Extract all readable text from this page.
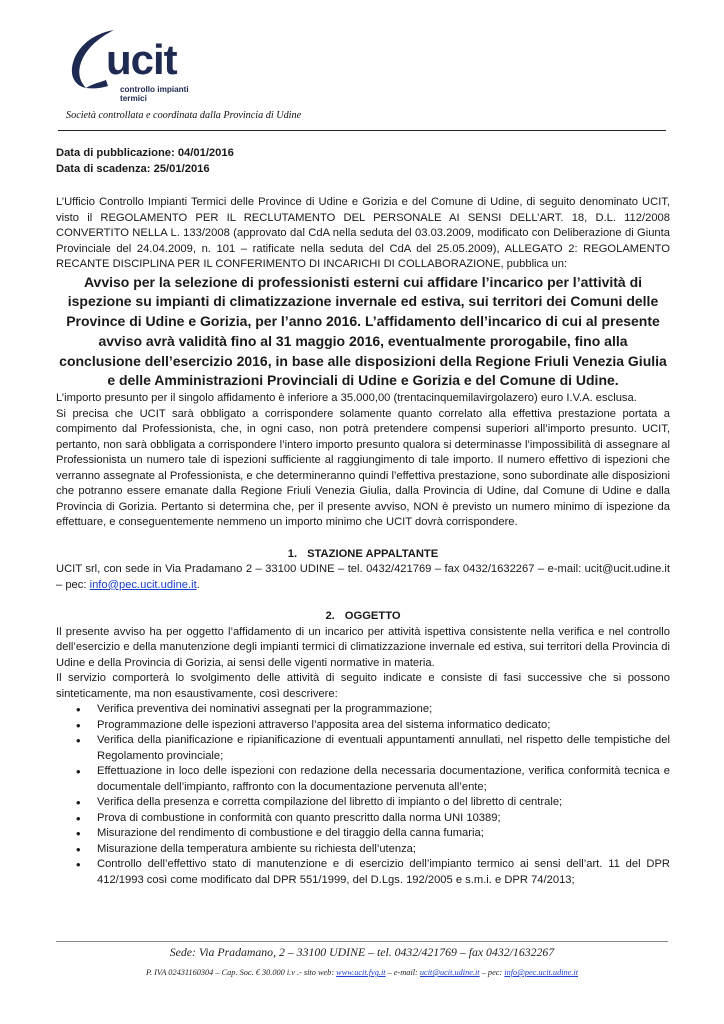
ucit
controllo impianti termici
Società controllata e coordinata dalla Provincia di Udine

Data di pubblicazione: 04/01/2016

Data di scadenza: 25/01/2016

L’Ufficio Controllo Impianti Termici delle Province di Udine e Gorizia e del Comune di Udine, di seguito denominato UCIT, visto il REGOLAMENTO PER IL RECLUTAMENTO DEL PERSONALE AI SENSI DELL’ART. 18, D.L. 112/2008 CONVERTITO NELLA L. 133/2008 (approvato dal CdA nella seduta del 03.03.2009, modificato con Deliberazione di Giunta Provinciale del 24.04.2009, n. 101 – ratificate nella seduta del CdA del 25.05.2009), ALLEGATO 2: REGOLAMENTO RECANTE DISCIPLINA PER IL CONFERIMENTO DI INCARICHI DI COLLABORAZIONE, pubblica un:

Avviso per la selezione di professionisti esterni cui affidare l’incarico per l’attività di ispezione su impianti di climatizzazione invernale ed estiva, sui territori dei Comuni delle Province di Udine e Gorizia, per l’anno 2016. L’affidamento dell’incarico di cui al presente avviso avrà validità fino al 31 maggio 2016, eventualmente prorogabile, fino alla conclusione dell’esercizio 2016, in base alle disposizioni della Regione Friuli Venezia Giulia e delle Amministrazioni Provinciali di Udine e Gorizia e del Comune di Udine.

L’importo presunto per il singolo affidamento è inferiore a 35.000,00 (trentacinquemilavirgolazero) euro I.V.A. esclusa.

Si precisa che UCIT sarà obbligato a corrispondere solamente quanto correlato alla effettiva prestazione portata a compimento dal Professionista, che, in ogni caso, non potrà pretendere compensi superiori all’importo presunto. UCIT, pertanto, non sarà obbligata a corrispondere l’intero importo presunto qualora si determinasse l’impossibilità di assegnare al Professionista un numero tale di ispezioni sufficiente al raggiungimento di tale importo. Il numero effettivo di ispezioni che verranno assegnate al Professionista, e che determineranno quindi l’effettiva prestazione, sono subordinate alle disposizioni che potranno essere emanate dalla Regione Friuli Venezia Giulia, dalla Provincia di Udine, dal Comune di Udine e dalla Provincia di Gorizia. Pertanto si determina che, per il presente avviso, NON è previsto un numero minimo di ispezione da effettuare, e conseguentemente nemmeno un importo minimo che UCIT dovrà corrispondere.

1. STAZIONE APPALTANTE

UCIT srl, con sede in Via Pradamano 2 – 33100 UDINE – tel. 0432/421769 – fax 0432/1632267 – e-mail: ucit@ucit.udine.it – pec: info@pec.ucit.udine.it.

2. OGGETTO

Il presente avviso ha per oggetto l’affidamento di un incarico per attività ispettiva consistente nella verifica e nel controllo dell’esercizio e della manutenzione degli impianti termici di climatizzazione invernale ed estiva, sui territori della Provincia di Udine e della Provincia di Gorizia, ai sensi delle vigenti normative in materia.

Il servizio comporterà lo svolgimento delle attività di seguito indicate e consiste di fasi successive che si possono sinteticamente, ma non esaustivamente, così descrivere:

• Verifica preventiva dei nominativi assegnati per la programmazione;
• Programmazione delle ispezioni attraverso l’apposita area del sistema informatico dedicato;
• Verifica della pianificazione e ripianificazione di eventuali appuntamenti annullati, nel rispetto delle tempistiche del Regolamento provinciale;
• Effettuazione in loco delle ispezioni con redazione della necessaria documentazione, verifica conformità tecnica e documentale dell’impianto, raffronto con la documentazione pervenuta all’ente;
• Verifica della presenza e corretta compilazione del libretto di impianto o del libretto di centrale;
• Prova di combustione in conformità con quanto prescritto dalla norma UNI 10389;
• Misurazione del rendimento di combustione e del tiraggio della canna fumaria;
• Misurazione della temperatura ambiente su richiesta dell’utenza;
• Controllo dell’effettivo stato di manutenzione e di esercizio dell’impianto termico ai sensi dell’art. 11 del DPR 412/1993 così come modificato dal DPR 551/1999, del D.Lgs. 192/2005 e s.m.i. e DPR 74/2013;
Sede: Via Pradamano, 2 – 33100 UDINE – tel. 0432/421769 – fax 0432/1632267
P. IVA 02431160304 – Cap. Soc. € 30.000 i.v .- sito web: www.ucit.fvg.it – e-mail: ucit@ucit.udine.it – pec: info@pec.ucit.udine.it
